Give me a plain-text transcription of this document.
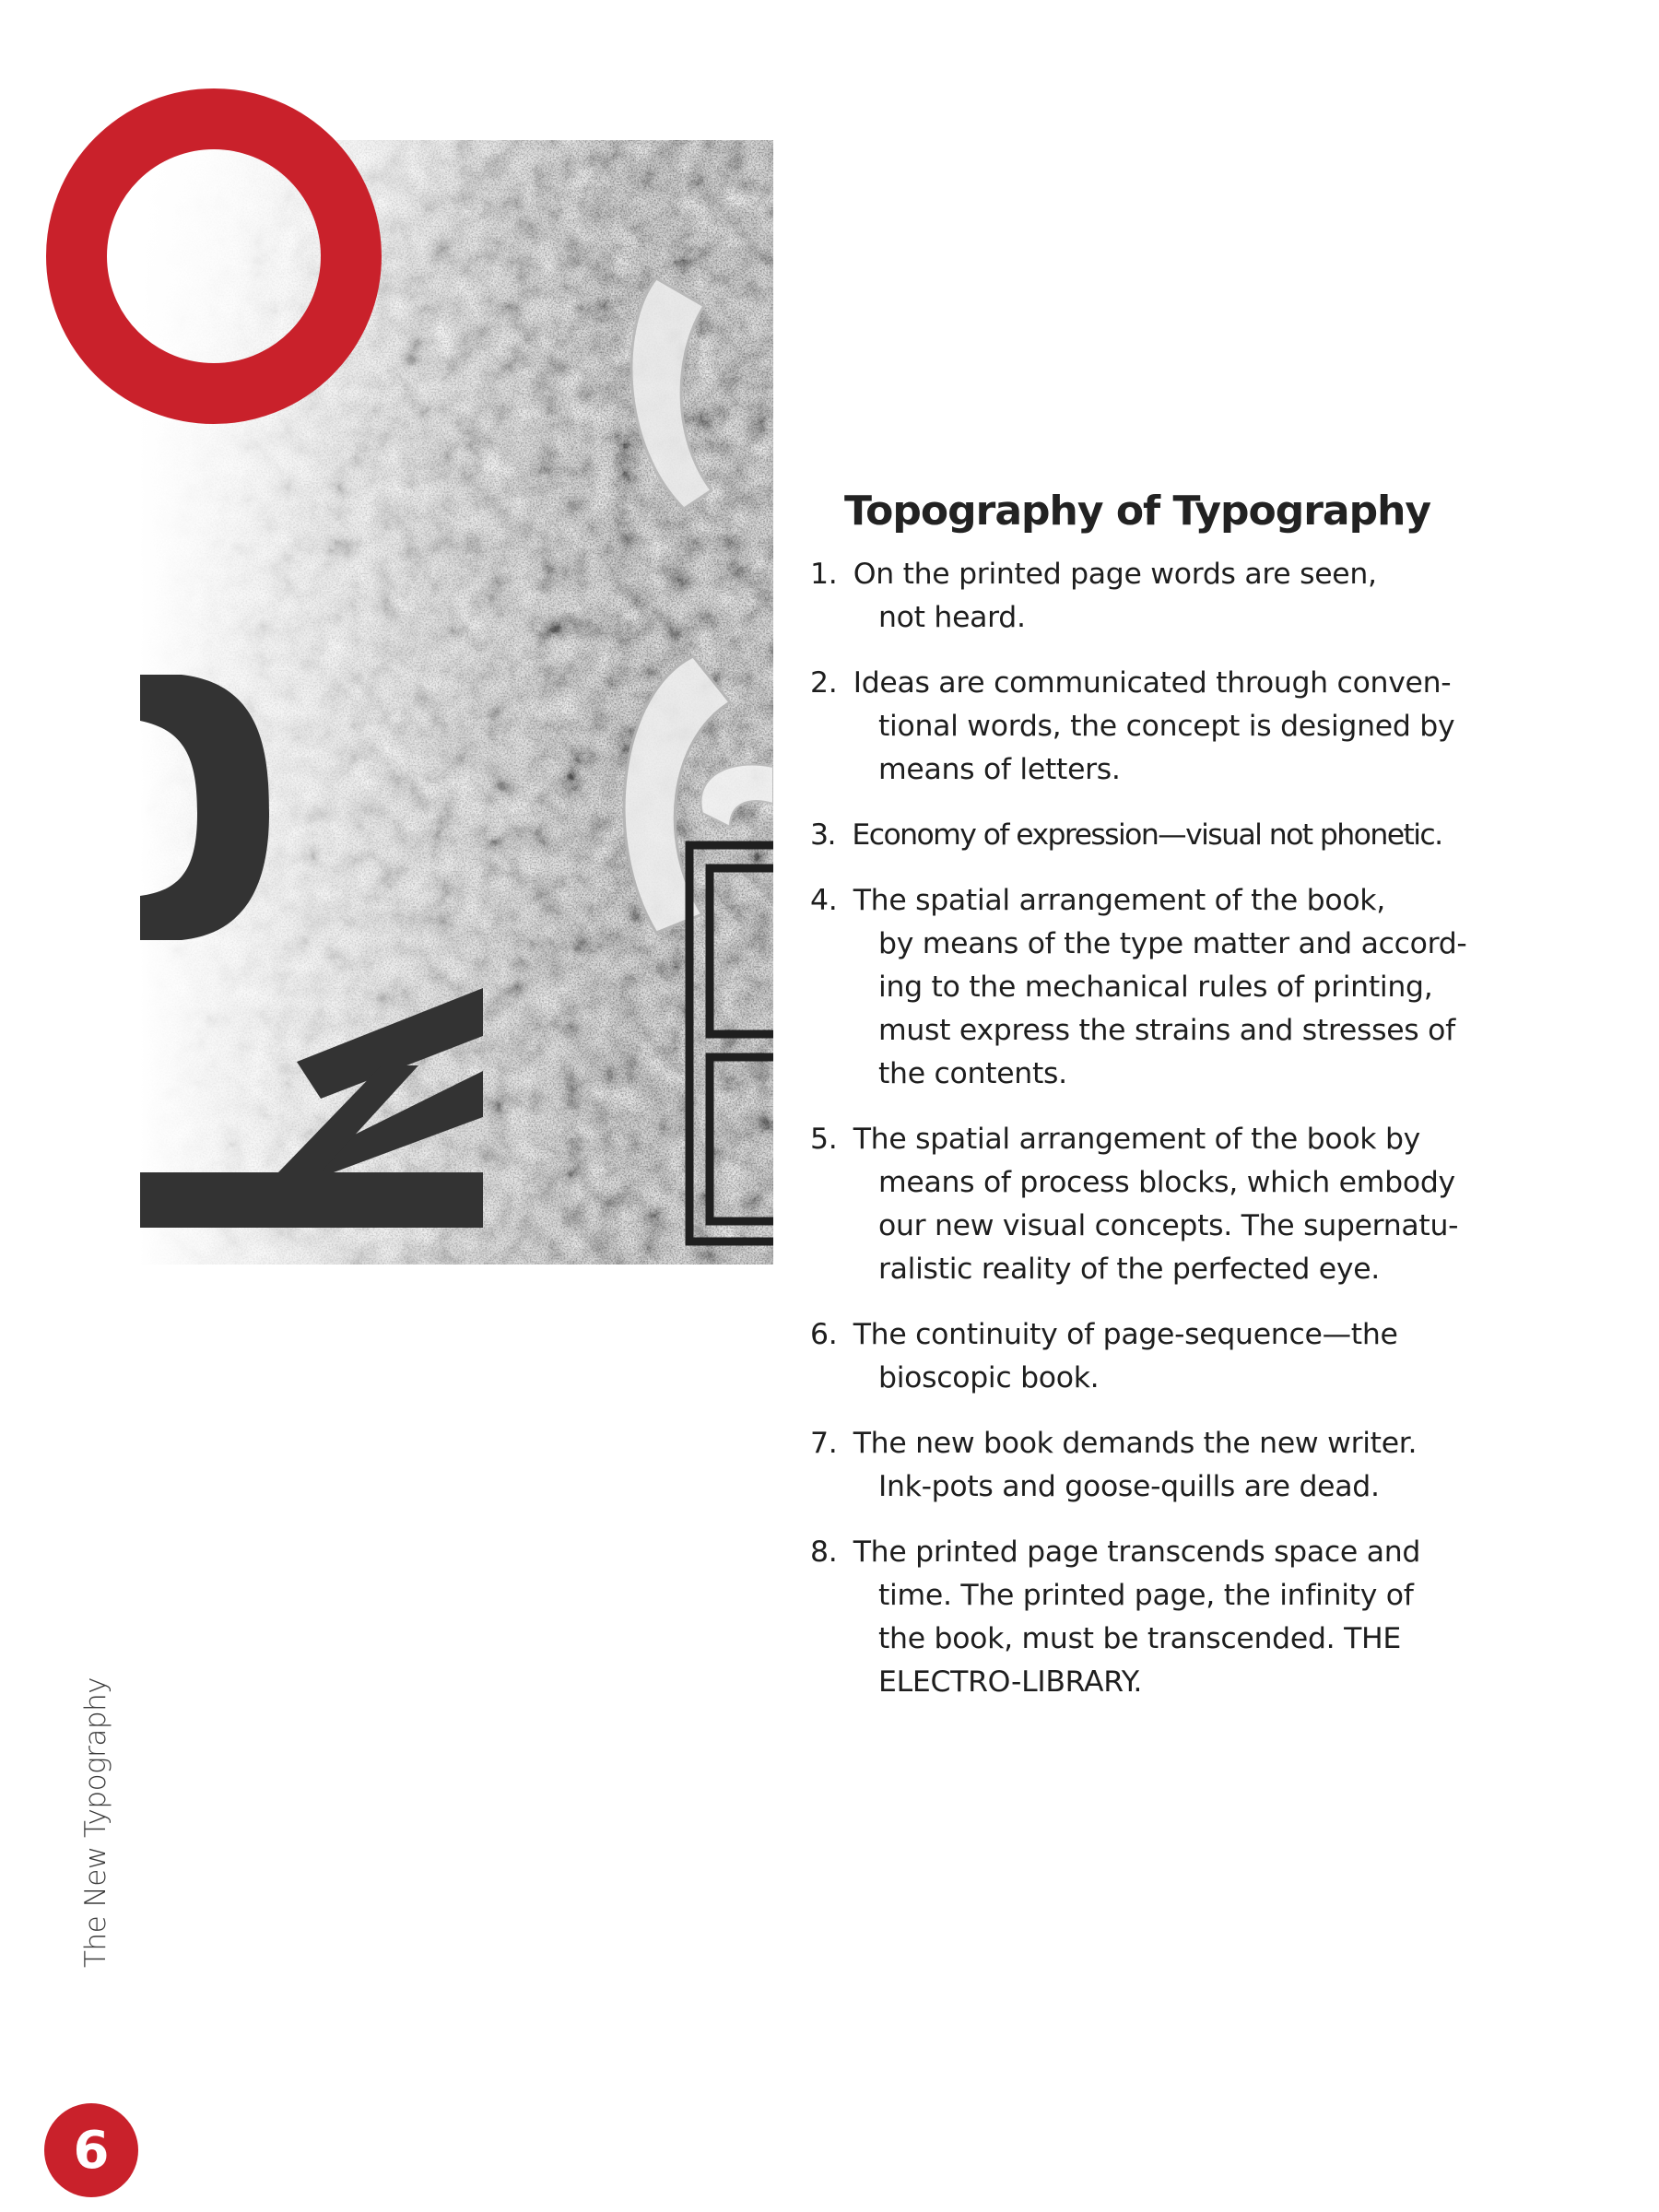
Topography of Typography
1. On the printed page words are seen,
not heard.
2. Ideas are communicated through conven-
tional words, the concept is designed by
means of letters.
3. Economy of expression—visual not phonetic.
4. The spatial arrangement of the book,
by means of the type matter and accord-
ing to the mechanical rules of printing,
must express the strains and stresses of
the contents.
5. The spatial arrangement of the book by
means of process blocks, which embody
our new visual concepts. The supernatu-
ralistic reality of the perfected eye.
6. The continuity of page-sequence—the
bioscopic book.
7. The new book demands the new writer.
Ink-pots and goose-quills are dead.
8. The printed page transcends space and
time. The printed page, the infinity of
the book, must be transcended. THE
ELECTRO-LIBRARY.
The New Typography
6
